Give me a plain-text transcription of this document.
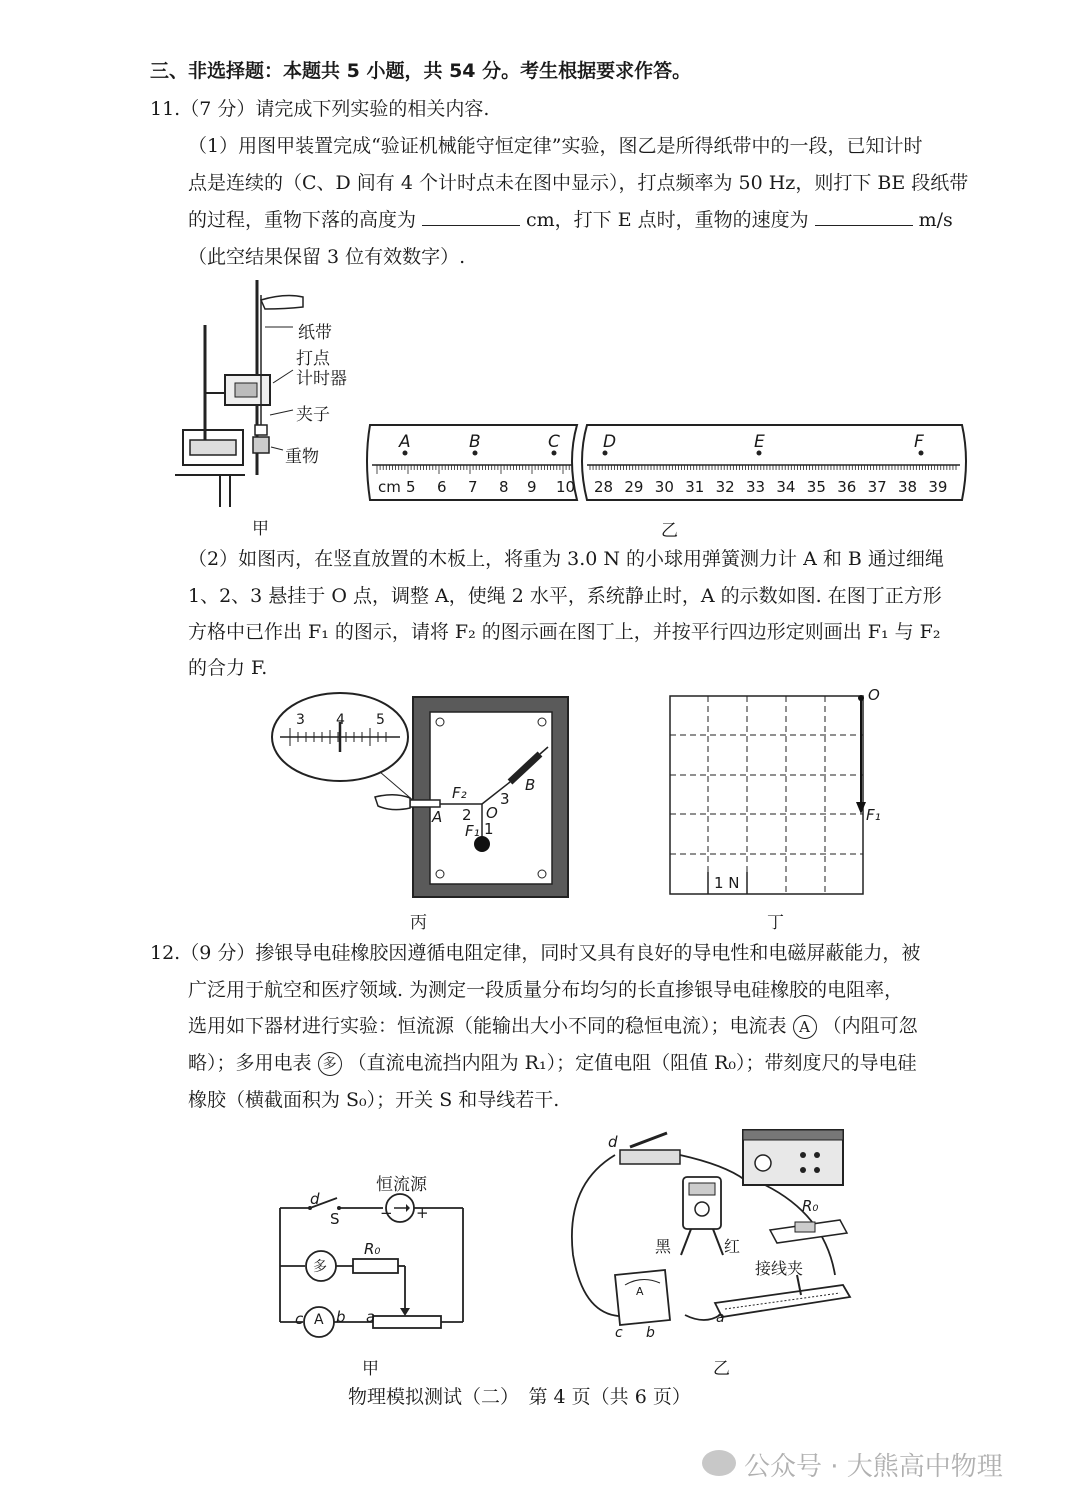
三、非选择题：本题共 5 小题，共 54 分。考生根据要求作答。
11.（7 分）请完成下列实验的相关内容.
（1）用图甲装置完成“验证机械能守恒定律”实验，图乙是所得纸带中的一段，已知计时
点是连续的（C、D 间有 4 个计时点未在图中显示），打点频率为 50 Hz，则打下 BE 段纸带
的过程，重物下落的高度为	cm，打下 E 点时，重物的速度为	m/s
（此空结果保留 3 位有效数字）.
纸带
打点
计时器
夹子
重物
甲
A	B	C	D	E	F
cm 5 6 7 8 9 10 28 29 30 31 32 33 34 35 36 37 38 39
乙
（2）如图丙，在竖直放置的木板上，将重为 3.0 N 的小球用弹簧测力计 A 和 B 通过细绳
1、2、3 悬挂于 O 点，调整 A，使绳 2 水平，系统静止时，A 的示数如图. 在图丁正方形
方格中已作出 F₁ 的图示，请将 F₂ 的图示画在图丁上，并按平行四边形定则画出 F₁ 与 F₂
的合力 F.
F₂
2
3
O
F₁ 1
A
B
3 4 5
丙
O
F₁
1 N
丁
12.（9 分）掺银导电硅橡胶因遵循电阻定律，同时又具有良好的导电性和电磁屏蔽能力，被
广泛用于航空和医疗领域. 为测定一段质量分布均匀的长直掺银导电硅橡胶的电阻率，
选用如下器材进行实验：恒流源（能输出大小不同的稳恒电流）；电流表 A （内阻可忽
略）；多用电表 多 （直流电流挡内阻为 R₁）；定值电阻（阻值 R₀）；带刻度尺的导电硅
橡胶（横截面积为 S₀）；开关 S 和导线若干.
恒流源
d
S	− +
R₀
多
c A b a
甲
d
黑	红
R₀
接线夹
a
A
c b
乙
物理模拟测试（二）　第 4 页（共 6 页）
公众号 · 大熊高中物理
